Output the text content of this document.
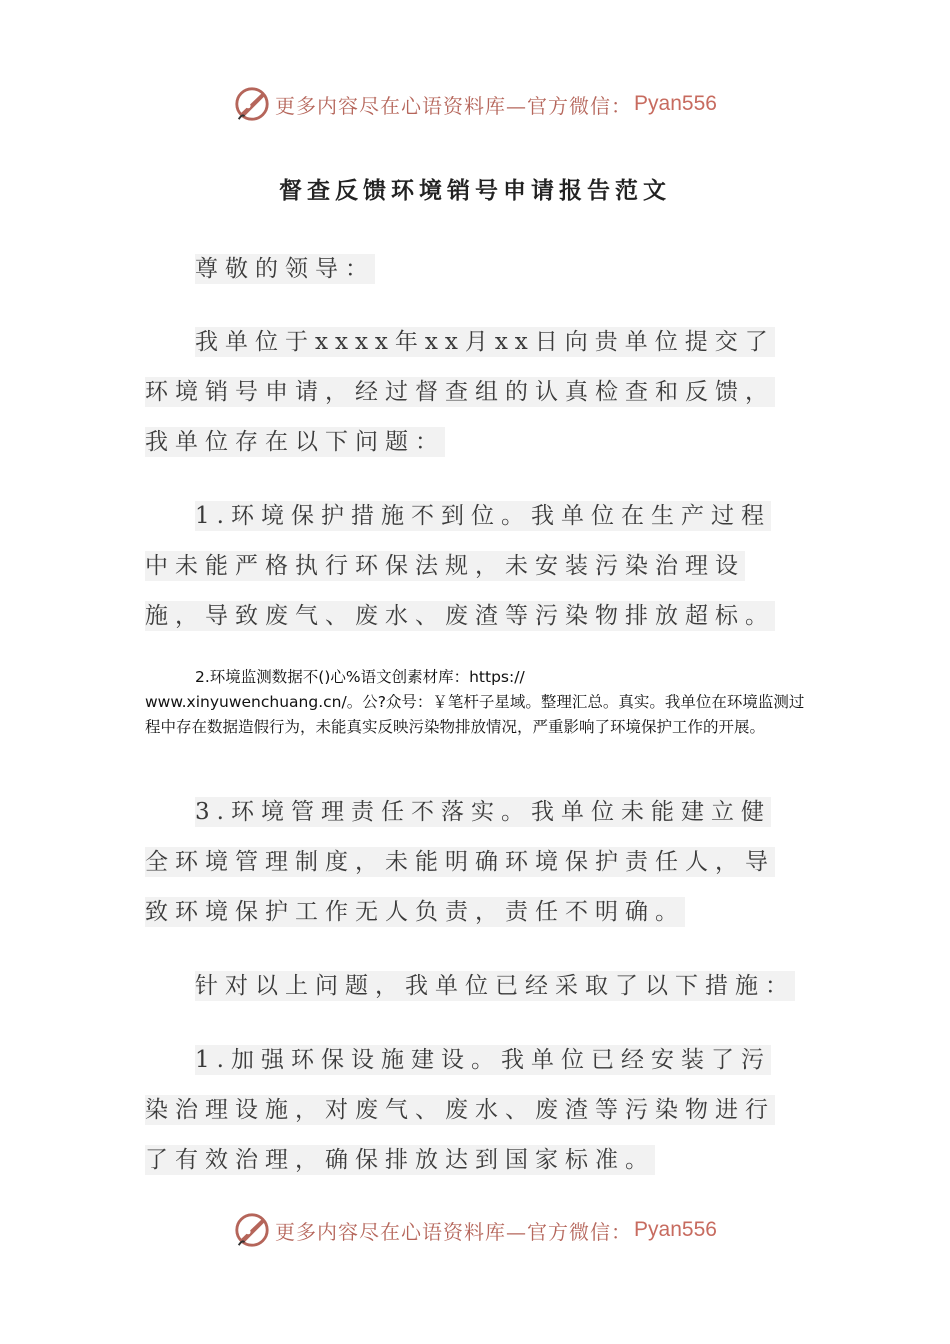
更多内容尽在心语资料库—官方微信： Pyan556
督查反馈环境销号申请报告范文
尊敬的领导：
我单位于xxxx年xx月xx日向贵单位提交了环境销号申请，经过督查组的认真检查和反馈，我单位存在以下问题：
1.环境保护措施不到位。我单位在生产过程中未能严格执行环保法规，未安装污染治理设施，导致废气、废水、废渣等污染物排放超标。
2.环境监测数据不()心%语文创素材库：https://
www.xinyuwenchuang.cn/。公?众号：￥笔杆子星域。整理汇总。真实。我单位在环境监测过程中存在数据造假行为，未能真实反映污染物排放情况，严重影响了环境保护工作的开展。
3.环境管理责任不落实。我单位未能建立健全环境管理制度，未能明确环境保护责任人，导致环境保护工作无人负责，责任不明确。
针对以上问题，我单位已经采取了以下措施：
1.加强环保设施建设。我单位已经安装了污染治理设施，对废气、废水、废渣等污染物进行了有效治理，确保排放达到国家标准。
更多内容尽在心语资料库—官方微信： Pyan556
